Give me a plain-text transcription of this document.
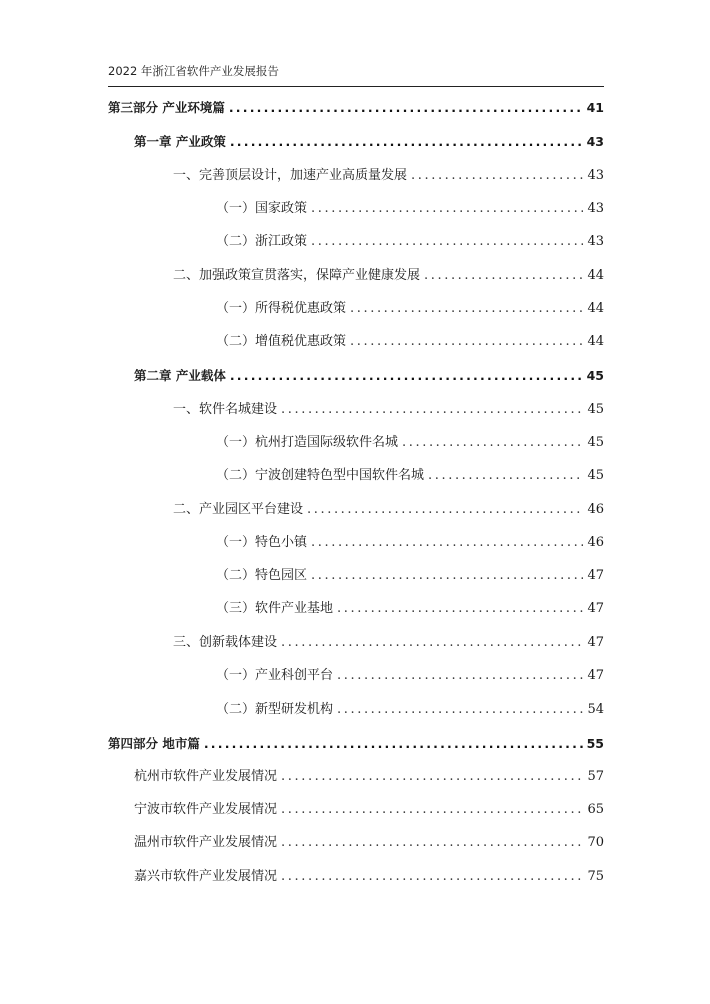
2022 年浙江省软件产业发展报告
第三部分 产业环境篇 .....	41
第一章 产业政策 .....	43
一、完善顶层设计，加速产业高质量发展 .....	43
（一）国家政策 .....	43
（二）浙江政策 .....	43
二、加强政策宣贯落实，保障产业健康发展 .....	44
（一）所得税优惠政策 .....	44
（二）增值税优惠政策 .....	44
第二章 产业载体 .....	45
一、软件名城建设 .....	45
（一）杭州打造国际级软件名城 .....	45
（二）宁波创建特色型中国软件名城 .....	45
二、产业园区平台建设 .....	46
（一）特色小镇 .....	46
（二）特色园区 .....	47
（三）软件产业基地 .....	47
三、创新载体建设 .....	47
（一）产业科创平台 .....	47
（二）新型研发机构 .....	54
第四部分 地市篇 .....	55
杭州市软件产业发展情况 .....	57
宁波市软件产业发展情况 .....	65
温州市软件产业发展情况 .....	70
嘉兴市软件产业发展情况 .....	75
